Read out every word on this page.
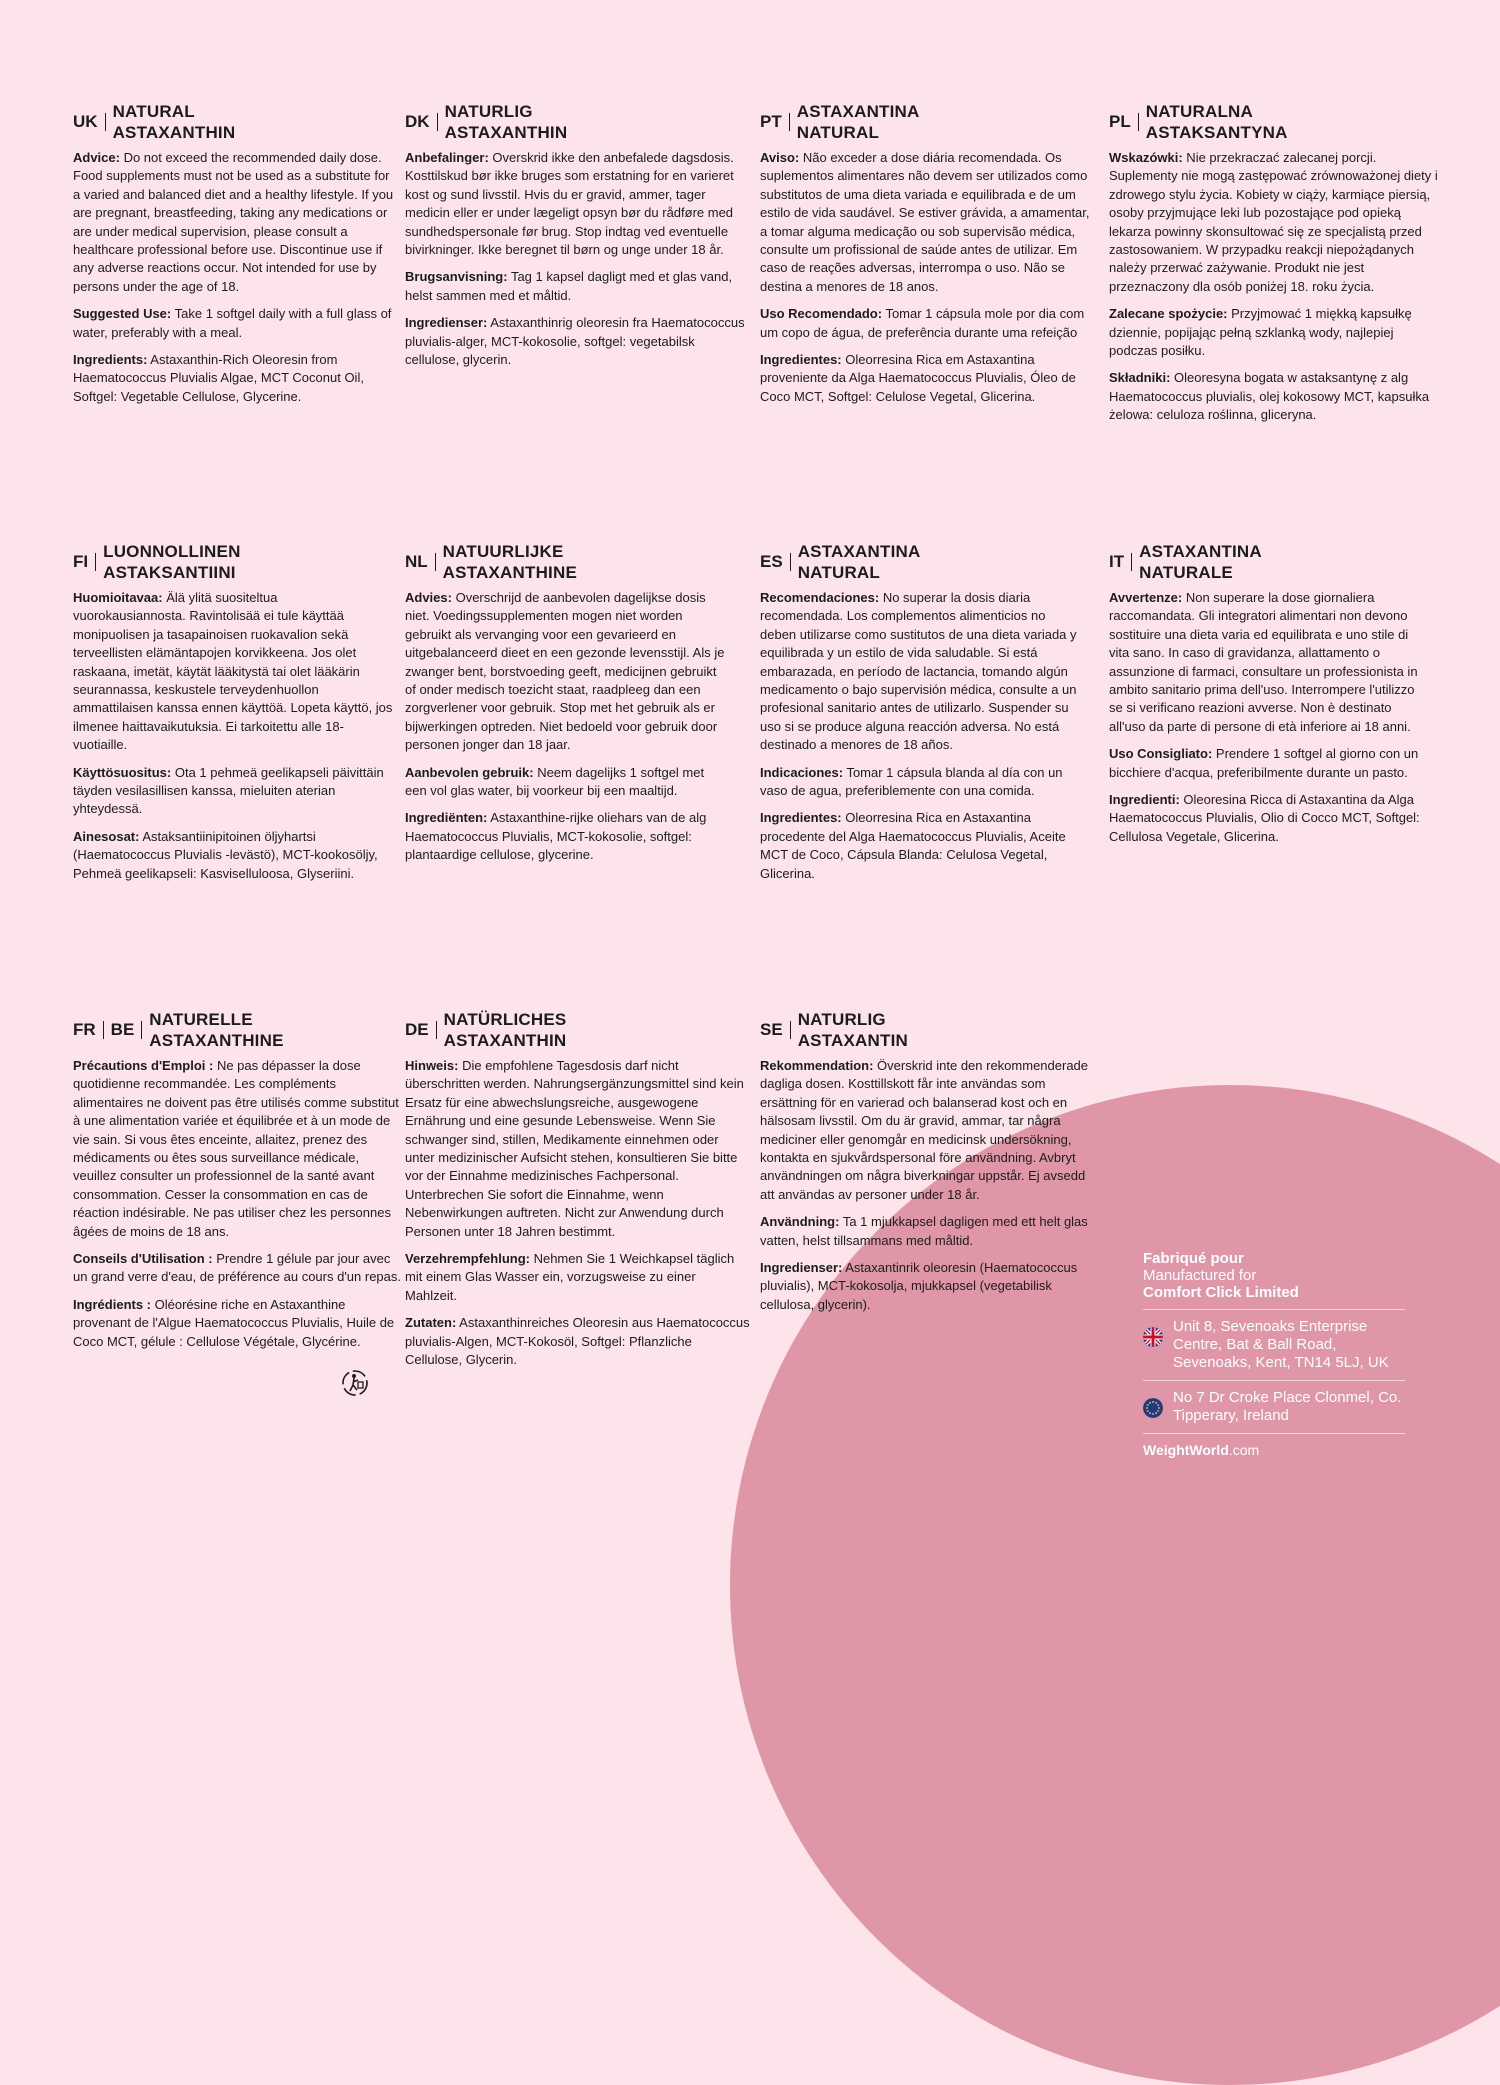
UK
NATURAL
ASTAXANTHIN

Advice: Do not exceed the recommended daily dose. Food supplements must not be used as a substitute for a varied and balanced diet and a healthy lifestyle. If you are pregnant, breastfeeding, taking any medications or are under medical supervision, please consult a healthcare professional before use. Discontinue use if any adverse reactions occur. Not intended for use by persons under the age of 18.

Suggested Use: Take 1 softgel daily with a full glass of water, preferably with a meal.

Ingredients: Astaxanthin-Rich Oleoresin from Haematococcus Pluvialis Algae, MCT Coconut Oil, Softgel: Vegetable Cellulose, Glycerine.

DK
NATURLIG
ASTAXANTHIN

Anbefalinger: Overskrid ikke den anbefalede dagsdosis. Kosttilskud bør ikke bruges som erstatning for en varieret kost og sund livsstil. Hvis du er gravid, ammer, tager medicin eller er under lægeligt opsyn bør du rådføre med sundhedspersonale før brug. Stop indtag ved eventuelle bivirkninger. Ikke beregnet til børn og unge under 18 år.

Brugsanvisning: Tag 1 kapsel dagligt med et glas vand, helst sammen med et måltid.

Ingredienser: Astaxanthinrig oleoresin fra Haematococcus pluvialis-alger, MCT-kokosolie, softgel: vegetabilsk cellulose, glycerin.

PT
ASTAXANTINA
NATURAL

Aviso: Não exceder a dose diária recomendada. Os suplementos alimentares não devem ser utilizados como substitutos de uma dieta variada e equilibrada e de um estilo de vida saudável. Se estiver grávida, a amamentar, a tomar alguma medicação ou sob supervisão médica, consulte um profissional de saúde antes de utilizar. Em caso de reações adversas, interrompa o uso. Não se destina a menores de 18 anos.

Uso Recomendado: Tomar 1 cápsula mole por dia com um copo de água, de preferência durante uma refeição

Ingredientes: Oleorresina Rica em Astaxantina proveniente da Alga Haematococcus Pluvialis, Óleo de Coco MCT, Softgel: Celulose Vegetal, Glicerina.

PL
NATURALNA
ASTAKSANTYNA

Wskazówki: Nie przekraczać zalecanej porcji. Suplementy nie mogą zastępować zrównoważonej diety i zdrowego stylu życia. Kobiety w ciąży, karmiące piersią, osoby przyjmujące leki lub pozostające pod opieką lekarza powinny skonsultować się ze specjalistą przed zastosowaniem. W przypadku reakcji niepożądanych należy przerwać zażywanie. Produkt nie jest przeznaczony dla osób poniżej 18. roku życia.

Zalecane spożycie: Przyjmować 1 miękką kapsułkę dziennie, popijając pełną szklanką wody, najlepiej podczas posiłku.

Składniki: Oleoresyna bogata w astaksantynę z alg Haematococcus pluvialis, olej kokosowy MCT, kapsułka żelowa: celuloza roślinna, gliceryna.

FI
LUONNOLLINEN
ASTAKSANTIINI

Huomioitavaa: Älä ylitä suositeltua vuorokausiannosta. Ravintolisää ei tule käyttää monipuolisen ja tasapainoisen ruokavalion sekä terveellisten elämäntapojen korvikkeena. Jos olet raskaana, imetät, käytät lääkitystä tai olet lääkärin seurannassa, keskustele terveydenhuollon ammattilaisen kanssa ennen käyttöä. Lopeta käyttö, jos ilmenee haittavaikutuksia. Ei tarkoitettu alle 18-vuotiaille.

Käyttösuositus: Ota 1 pehmeä geelikapseli päivittäin täyden vesilasillisen kanssa, mieluiten aterian yhteydessä.

Ainesosat: Astaksantiinipitoinen öljyhartsi (Haematococcus Pluvialis -levästö), MCT-kookosöljy, Pehmeä geelikapseli: Kasviselluloosa, Glyseriini.

NL
NATUURLIJKE
ASTAXANTHINE

Advies: Overschrijd de aanbevolen dagelijkse dosis niet. Voedingssupplementen mogen niet worden gebruikt als vervanging voor een gevarieerd en uitgebalanceerd dieet en een gezonde levensstijl. Als je zwanger bent, borstvoeding geeft, medicijnen gebruikt of onder medisch toezicht staat, raadpleeg dan een zorgverlener voor gebruik. Stop met het gebruik als er bijwerkingen optreden. Niet bedoeld voor gebruik door personen jonger dan 18 jaar.

Aanbevolen gebruik: Neem dagelijks 1 softgel met een vol glas water, bij voorkeur bij een maaltijd.

Ingrediënten: Astaxanthine-rijke oliehars van de alg Haematococcus Pluvialis, MCT-kokosolie, softgel: plantaardige cellulose, glycerine.

ES
ASTAXANTINA
NATURAL

Recomendaciones: No superar la dosis diaria recomendada. Los complementos alimenticios no deben utilizarse como sustitutos de una dieta variada y equilibrada y un estilo de vida saludable. Si está embarazada, en período de lactancia, tomando algún medicamento o bajo supervisión médica, consulte a un profesional sanitario antes de utilizarlo. Suspender su uso si se produce alguna reacción adversa. No está destinado a menores de 18 años.

Indicaciones: Tomar 1 cápsula blanda al día con un vaso de agua, preferiblemente con una comida.

Ingredientes: Oleorresina Rica en Astaxantina procedente del Alga Haematococcus Pluvialis, Aceite MCT de Coco, Cápsula Blanda: Celulosa Vegetal, Glicerina.

IT
ASTAXANTINA
NATURALE

Avvertenze: Non superare la dose giornaliera raccomandata. Gli integratori alimentari non devono sostituire una dieta varia ed equilibrata e uno stile di vita sano. In caso di gravidanza, allattamento o assunzione di farmaci, consultare un professionista in ambito sanitario prima dell'uso. Interrompere l'utilizzo se si verificano reazioni avverse. Non è destinato all'uso da parte di persone di età inferiore ai 18 anni.

Uso Consigliato: Prendere 1 softgel al giorno con un bicchiere d'acqua, preferibilmente durante un pasto.

Ingredienti: Oleoresina Ricca di Astaxantina da Alga Haematococcus Pluvialis, Olio di Cocco MCT, Softgel: Cellulosa Vegetale, Glicerina.

FR BE
NATURELLE
ASTAXANTHINE

Précautions d'Emploi : Ne pas dépasser la dose quotidienne recommandée. Les compléments alimentaires ne doivent pas être utilisés comme substitut à une alimentation variée et équilibrée et à un mode de vie sain. Si vous êtes enceinte, allaitez, prenez des médicaments ou êtes sous surveillance médicale, veuillez consulter un professionnel de la santé avant consommation. Cesser la consommation en cas de réaction indésirable. Ne pas utiliser chez les personnes âgées de moins de 18 ans.

Conseils d'Utilisation : Prendre 1 gélule par jour avec un grand verre d'eau, de préférence au cours d'un repas.

Ingrédients : Oléorésine riche en Astaxanthine provenant de l'Algue Haematococcus Pluvialis, Huile de Coco MCT, gélule : Cellulose Végétale, Glycérine.

DE
NATÜRLICHES
ASTAXANTHIN

Hinweis: Die empfohlene Tagesdosis darf nicht überschritten werden. Nahrungsergänzungsmittel sind kein Ersatz für eine abwechslungsreiche, ausgewogene Ernährung und eine gesunde Lebensweise. Wenn Sie schwanger sind, stillen, Medikamente einnehmen oder unter medizinischer Aufsicht stehen, konsultieren Sie bitte vor der Einnahme medizinisches Fachpersonal. Unterbrechen Sie sofort die Einnahme, wenn Nebenwirkungen auftreten. Nicht zur Anwendung durch Personen unter 18 Jahren bestimmt.

Verzehrempfehlung: Nehmen Sie 1 Weichkapsel täglich mit einem Glas Wasser ein, vorzugsweise zu einer Mahlzeit.

Zutaten: Astaxanthinreiches Oleoresin aus Haematococcus pluvialis-Algen, MCT-Kokosöl, Softgel: Pflanzliche Cellulose, Glycerin.

SE
NATURLIG
ASTAXANTIN

Rekommendation: Överskrid inte den rekommenderade dagliga dosen. Kosttillskott får inte användas som ersättning för en varierad och balanserad kost och en hälsosam livsstil. Om du är gravid, ammar, tar några mediciner eller genomgår en medicinsk undersökning, kontakta en sjukvårdspersonal före användning. Avbryt användningen om några biverkningar uppstår. Ej avsedd att användas av personer under 18 år.

Användning: Ta 1 mjukkapsel dagligen med ett helt glas vatten, helst tillsammans med måltid.

Ingredienser: Astaxantinrik oleoresin (Haematococcus pluvialis), MCT-kokosolja, mjukkapsel (vegetabilisk cellulosa, glycerin).

Fabriqué pour
Manufactured for
Comfort Click Limited
Unit 8, Sevenoaks Enterprise Centre, Bat & Ball Road, Sevenoaks, Kent, TN14 5LJ, UK
No 7 Dr Croke Place Clonmel, Co. Tipperary, Ireland
WeightWorld.com
